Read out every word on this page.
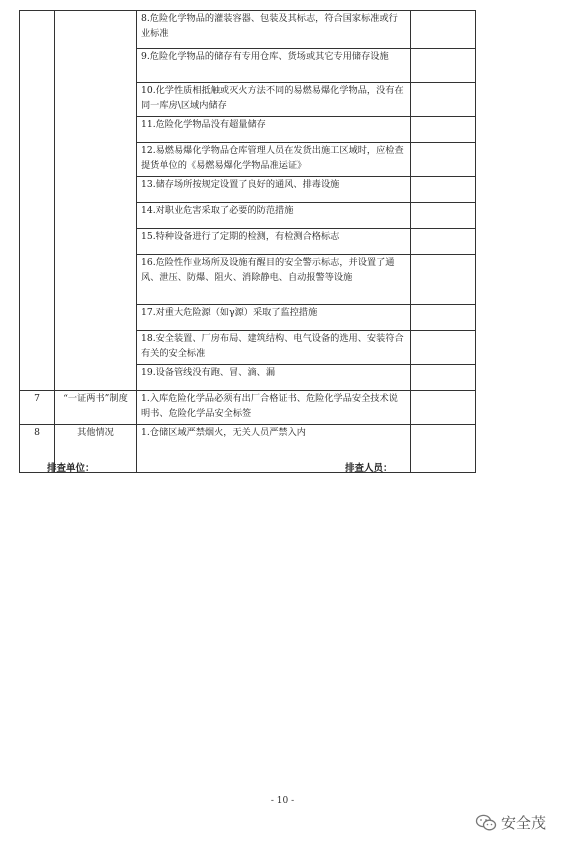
		8.危险化学物品的灌装容器、包装及其标志，符合国家标准或行业标准	
		9.危险化学物品的储存有专用仓库、货场或其它专用储存设施	
		10.化学性质相抵触或灭火方法不同的易燃易爆化学物品，没有在同一库房\区域内储存	
		11.危险化学物品没有超量储存	
		12.易燃易爆化学物品仓库管理人员在发货出施工区域时，应检查提货单位的《易燃易爆化学物品准运证》	
		13.储存场所按规定设置了良好的通风、排毒设施	
		14.对职业危害采取了必要的防范措施	
		15.特种设备进行了定期的检测，有检测合格标志	
		16.危险性作业场所及设施有醒目的安全警示标志，并设置了通风、泄压、防爆、阻火、消除静电、自动报警等设施	
		17.对重大危险源（如γ源）采取了监控措施	
		18.安全装置、厂房布局、建筑结构、电气设备的选用、安装符合有关的安全标准	
		19.设备管线没有跑、冒、滴、漏	
7	“一证两书”制度	1.入库危险化学品必须有出厂合格证书、危险化学品安全技术说明书、危险化学品安全标签	
8	其他情况	1.仓储区域严禁烟火，无关人员严禁入内	
排查单位：	排查人员：
- 10 -
安全茂
